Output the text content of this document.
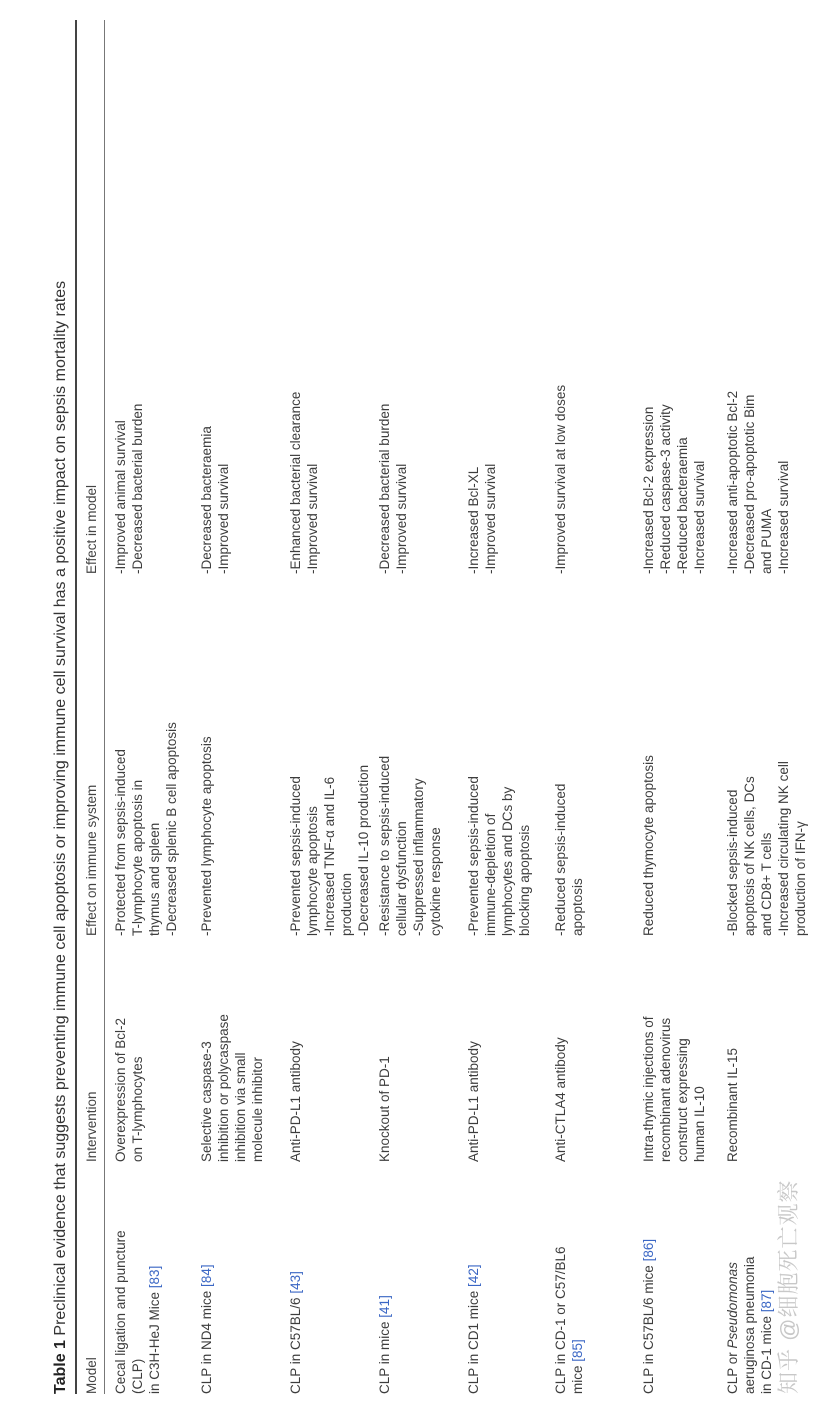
Table 1 Preclinical evidence that suggests preventing immune cell apoptosis or improving immune cell survival has a positive impact on sepsis mortality rates
Model
Intervention
Effect on immune system
Effect in model
Cecal ligation and puncture (CLP) in C3H-HeJ Mice [83]
Overexpression of Bcl-2 on T-lymphocytes
-Protected from sepsis-induced T-lymphocyte apoptosis in thymus and spleen -Decreased splenic B cell apoptosis
-Improved animal survival -Decreased bacterial burden
CLP in ND4 mice [84]
Selective caspase-3 inhibition or polycaspase inhibition via small molecule inhibitor
-Prevented lymphocyte apoptosis
-Decreased bacteraemia -Improved survival
CLP in C57BL/6 [43]
Anti-PD-L1 antibody
-Prevented sepsis-induced lymphocyte apoptosis -Increased TNF-α and IL-6 production -Decreased IL-10 production
-Enhanced bacterial clearance -Improved survival
CLP in mice [41]
Knockout of PD-1
-Resistance to sepsis-induced cellular dysfunction -Suppressed inflammatory cytokine response
-Decreased bacterial burden -Improved survival
CLP in CD1 mice [42]
Anti-PD-L1 antibody
-Prevented sepsis-induced immune-depletion of lymphocytes and DCs by blocking apoptosis
-Increased Bcl-XL -Improved survival
CLP in CD-1 or C57/BL6 mice [85]
Anti-CTLA4 antibody
-Reduced sepsis-induced apoptosis
-Improved survival at low doses
CLP in C57BL/6 mice [86]
Intra-thymic injections of recombinant adenovirus construct expressing human IL-10
Reduced thymocyte apoptosis
-Increased Bcl-2 expression -Reduced caspase-3 activity -Reduced bacteraemia -Increased survival
CLP or Pseudomonas aeruginosa pneumonia in CD-1 mice [87]
Recombinant IL-15
-Blocked sepsis-induced apoptosis of NK cells, DCs and CD8+ T cells -Increased circulating NK cell production of IFN-γ
-Increased anti-apoptotic Bcl-2 -Decreased pro-apoptotic Bim and PUMA -Increased survival
知乎 @细胞死亡观察
